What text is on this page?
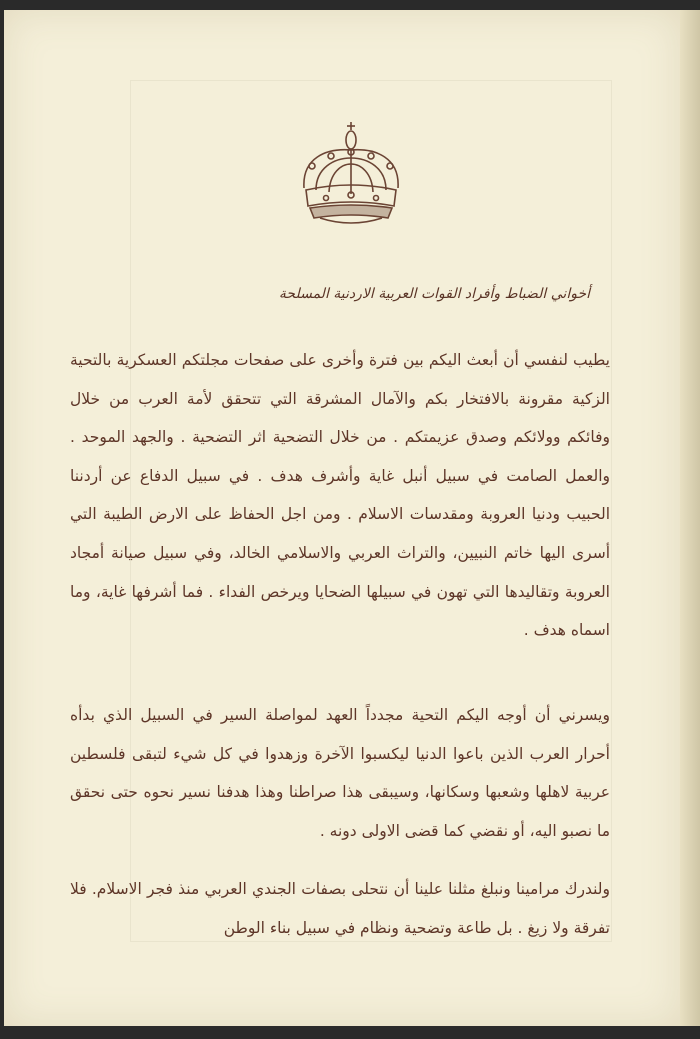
أخواني الضباط وأفراد القوات العربية الاردنية المسلحة

يطيب لنفسي أن أبعث اليكم بين فترة وأخرى على صفحات مجلتكم العسكرية بالتحية الزكية مقرونة بالافتخار بكم والآمال المشرقة التي تتحقق لأمة العرب من خلال وفائكم وولائكم وصدق عزيمتكم . من خلال التضحية اثر التضحية . والجهد الموحد . والعمل الصامت في سبيل أنبل غاية وأشرف هدف . في سبيل الدفاع عن أردننا الحبيب ودنيا العروبة ومقدسات الاسلام . ومن اجل الحفاظ على الارض الطيبة التي أسرى اليها خاتم النبيين، والتراث العربي والاسلامي الخالد، وفي سبيل صيانة أمجاد العروبة وتقاليدها التي تهون في سبيلها الضحايا ويرخص الفداء . فما أشرفها غاية، وما اسماه هدف .

ويسرني أن أوجه اليكم التحية مجدداً العهد لمواصلة السير في السبيل الذي بدأه أحرار العرب الذين باعوا الدنيا ليكسبوا الآخرة وزهدوا في كل شيء لتبقى فلسطين عربية لاهلها وشعبها وسكانها، وسيبقى هذا صراطنا وهذا هدفنا نسير نحوه حتى نحقق ما نصبو اليه، أو نقضي كما قضى الاولى دونه .

ولندرك مرامينا ونبلغ مثلنا علينا أن نتحلى بصفات الجندي العربي منذ فجر الاسلام. فلا تفرقة ولا زيغ . بل طاعة وتضحية ونظام في سبيل بناء الوطن
